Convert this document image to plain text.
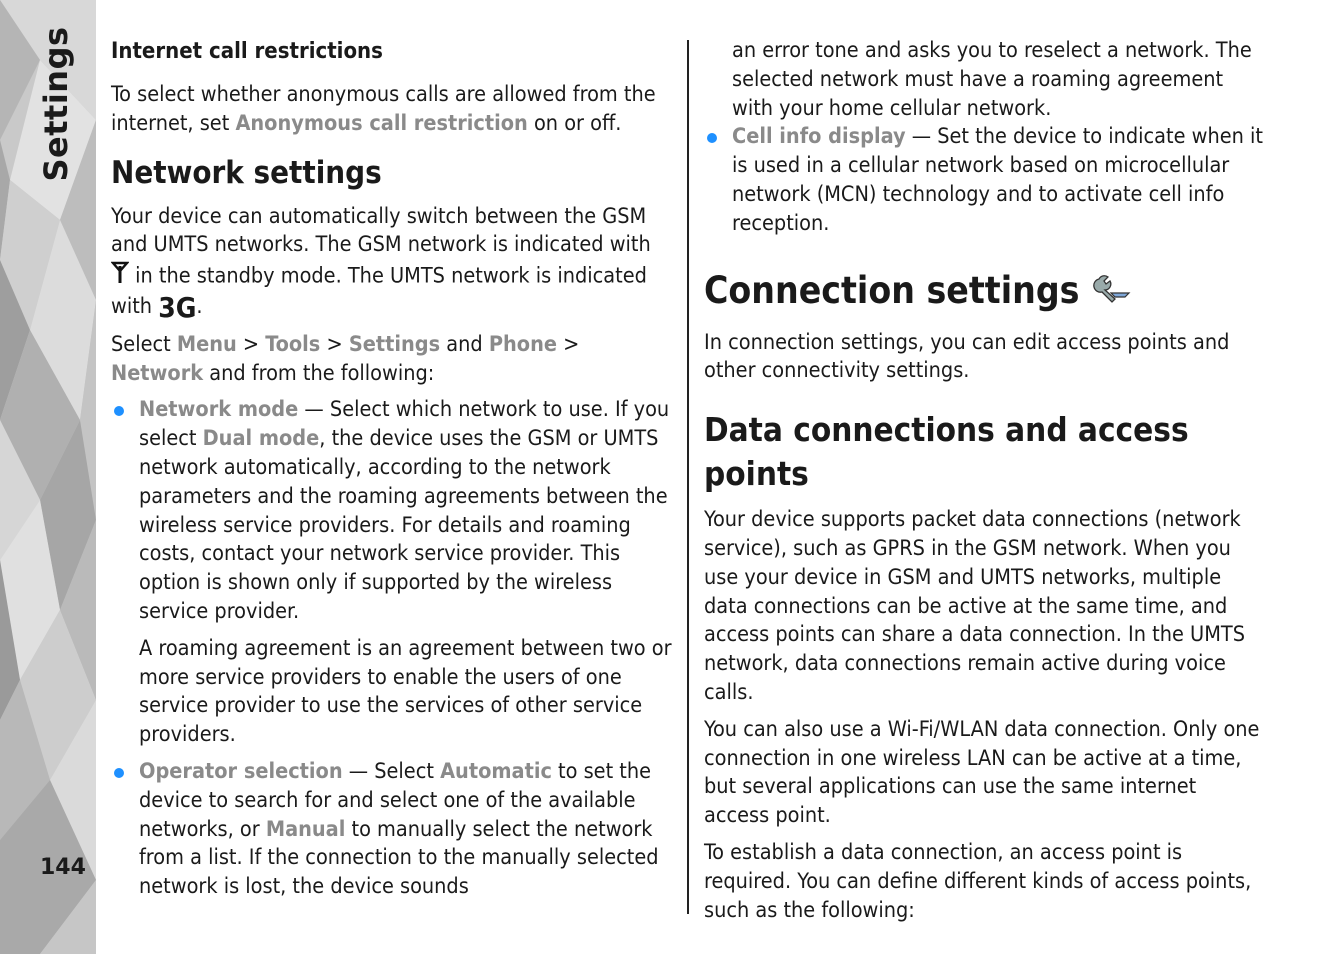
Settings
144

Internet call restrictions

To select whether anonymous calls are allowed from the internet, set Anonymous call restriction on or off.

Network settings

Your device can automatically switch between the GSM and UMTS networks. The GSM network is indicated with  in the standby mode. The UMTS network is indicated with 3G.

Select Menu > Tools > Settings and Phone > Network and from the following:

Network mode — Select which network to use. If you select Dual mode, the device uses the GSM or UMTS network automatically, according to the network parameters and the roaming agreements between the wireless service providers. For details and roaming costs, contact your network service provider. This option is shown only if supported by the wireless service provider.

A roaming agreement is an agreement between two or more service providers to enable the users of one service provider to use the services of other service providers.

Operator selection — Select Automatic to set the device to search for and select one of the available networks, or Manual to manually select the network from a list. If the connection to the manually selected network is lost, the device sounds

an error tone and asks you to reselect a network. The selected network must have a roaming agreement with your home cellular network.

Cell info display — Set the device to indicate when it is used in a cellular network based on microcellular network (MCN) technology and to activate cell info reception.
Connection settings

In connection settings, you can edit access points and other connectivity settings.

Data connections and access points

Your device supports packet data connections (network service), such as GPRS in the GSM network. When you use your device in GSM and UMTS networks, multiple data connections can be active at the same time, and access points can share a data connection. In the UMTS network, data connections remain active during voice calls.

You can also use a Wi-Fi/WLAN data connection. Only one connection in one wireless LAN can be active at a time, but several applications can use the same internet access point.

To establish a data connection, an access point is required. You can define different kinds of access points, such as the following:
